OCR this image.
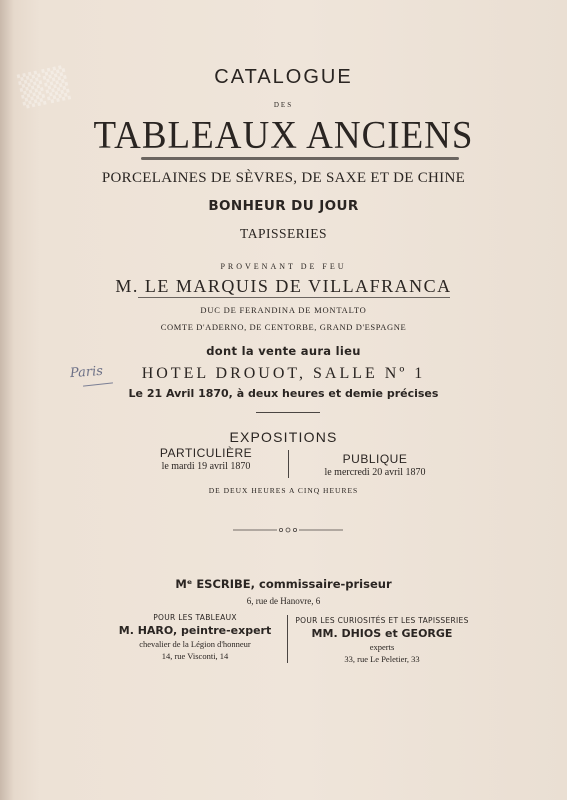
▒▒	CATALOGUE
DES
TABLEAUX ANCIENS
PORCELAINES DE SÈVRES, DE SAXE ET DE CHINE
BONHEUR DU JOUR
TAPISSERIES
PROVENANT DE FEU
M. LE MARQUIS DE VILLAFRANCA
DUC DE FERANDINA DE MONTALTO
COMTE D'ADERNO, DE CENTORBE, GRAND D'ESPAGNE
dont la vente aura lieu
HOTEL DROUOT, SALLE Nº 1
Le 21 Avril 1870, à deux heures et demie précises
Paris
EXPOSITIONS
PARTICULIÈRE
le mardi 19 avril 1870
PUBLIQUE
le mercredi 20 avril 1870
DE DEUX HEURES A CINQ HEURES
Mᵉ ESCRIBE, commissaire-priseur
6, rue de Hanovre, 6
POUR LES TABLEAUX
M. HARO, peintre-expert
chevalier de la Légion d'honneur
14, rue Visconti, 14
POUR LES CURIOSITÉS ET LES TAPISSERIES
MM. DHIOS et GEORGE
experts
33, rue Le Peletier, 33
